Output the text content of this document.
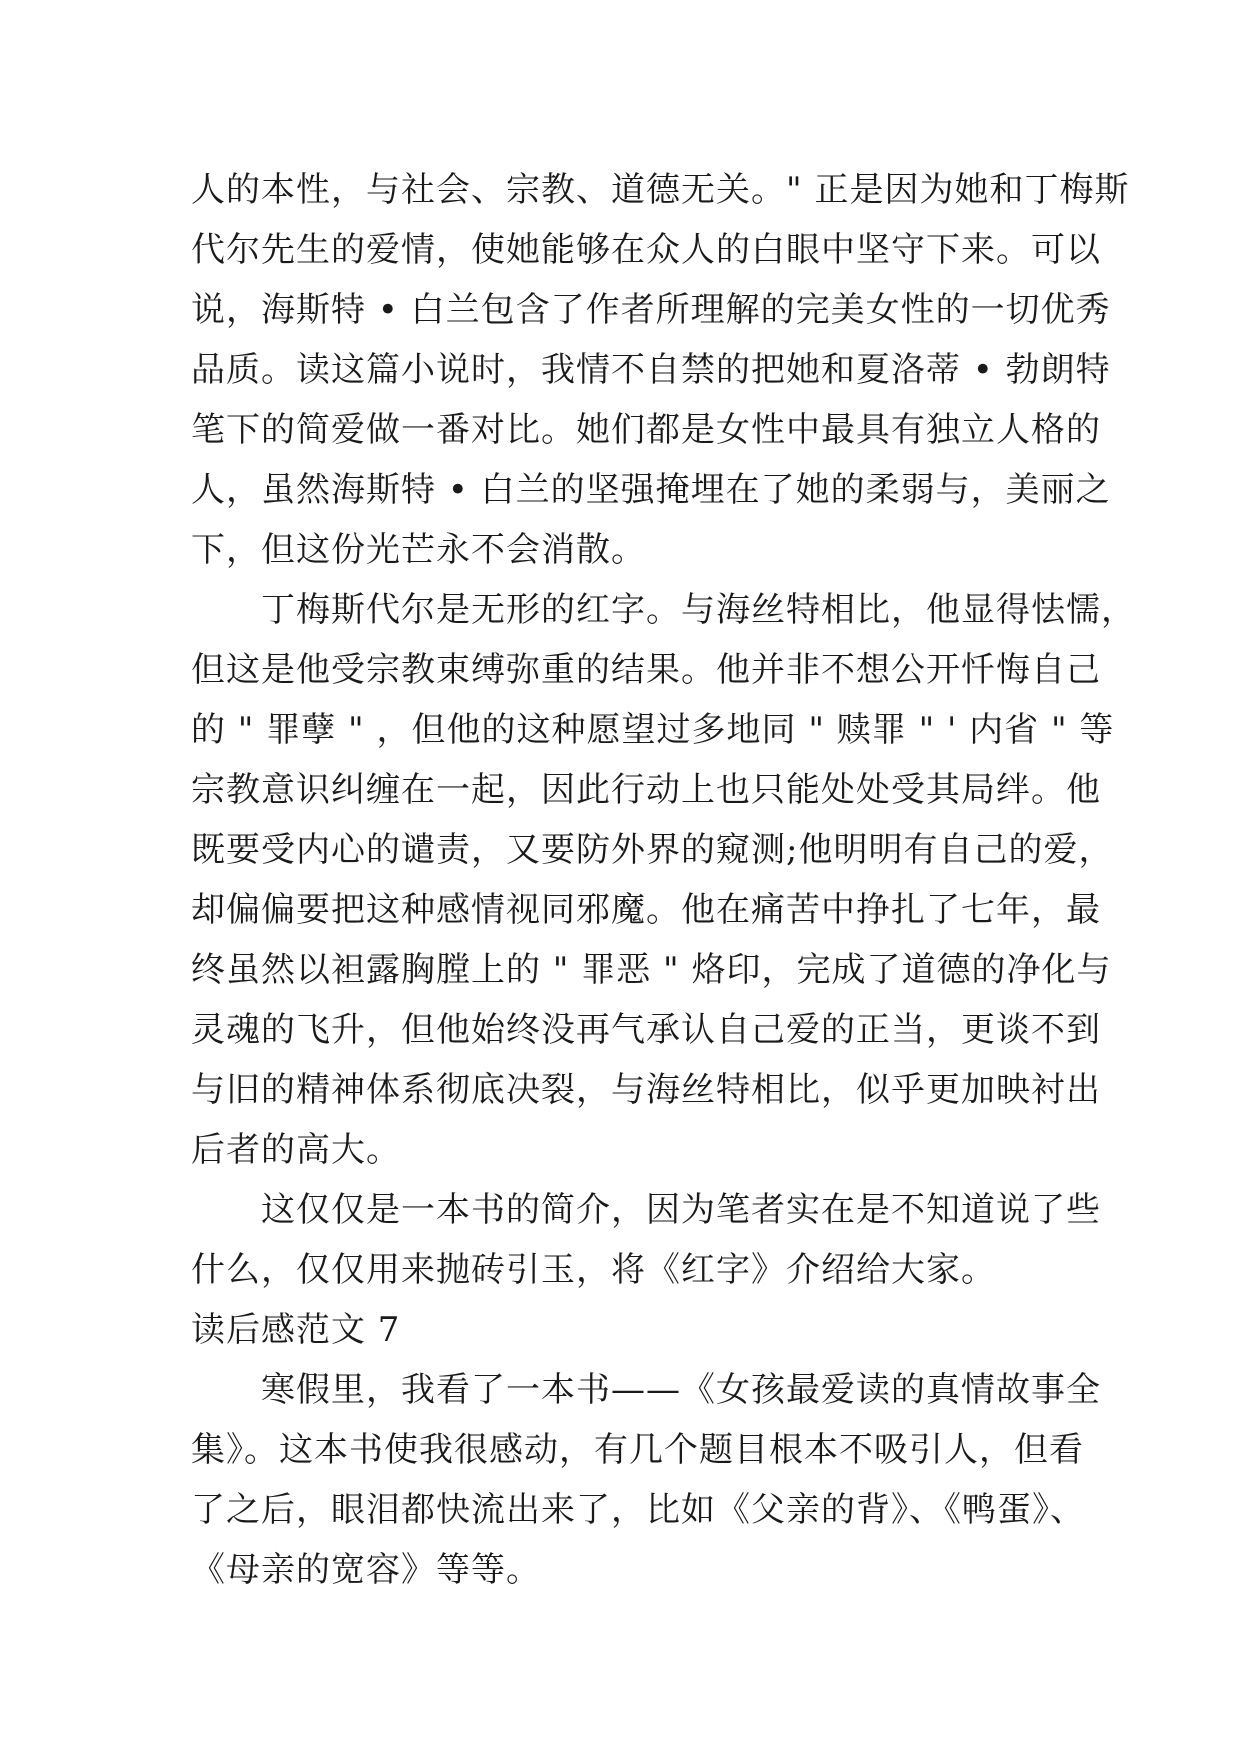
人的本性，与社会、宗教、道德无关。" 正是因为她和丁梅斯
代尔先生的爱情，使她能够在众人的白眼中坚守下来。可以
说，海斯特 • 白兰包含了作者所理解的完美女性的一切优秀
品质。读这篇小说时，我情不自禁的把她和夏洛蒂 • 勃朗特
笔下的简爱做一番对比。她们都是女性中最具有独立人格的
人，虽然海斯特 • 白兰的坚强掩埋在了她的柔弱与，美丽之
下，但这份光芒永不会消散。
丁梅斯代尔是无形的红字。与海丝特相比，他显得怯懦，
但这是他受宗教束缚弥重的结果。他并非不想公开忏悔自己
的 " 罪孽 " ，但他的这种愿望过多地同 " 赎罪 " ' 内省 " 等
宗教意识纠缠在一起，因此行动上也只能处处受其局绊。他
既要受内心的谴责，又要防外界的窥测;他明明有自己的爱，
却偏偏要把这种感情视同邪魔。他在痛苦中挣扎了七年，最
终虽然以袒露胸膛上的 " 罪恶 " 烙印，完成了道德的净化与
灵魂的飞升，但他始终没再气承认自己爱的正当，更谈不到
与旧的精神体系彻底决裂，与海丝特相比，似乎更加映衬出
后者的高大。
这仅仅是一本书的简介，因为笔者实在是不知道说了些
什么，仅仅用来抛砖引玉，将《红字》介绍给大家。
读后感范文 7
寒假里，我看了一本书——《女孩最爱读的真情故事全
集》。这本书使我很感动，有几个题目根本不吸引人，但看
了之后，眼泪都快流出来了，比如《父亲的背》、《鸭蛋》、
《母亲的宽容》等等。
